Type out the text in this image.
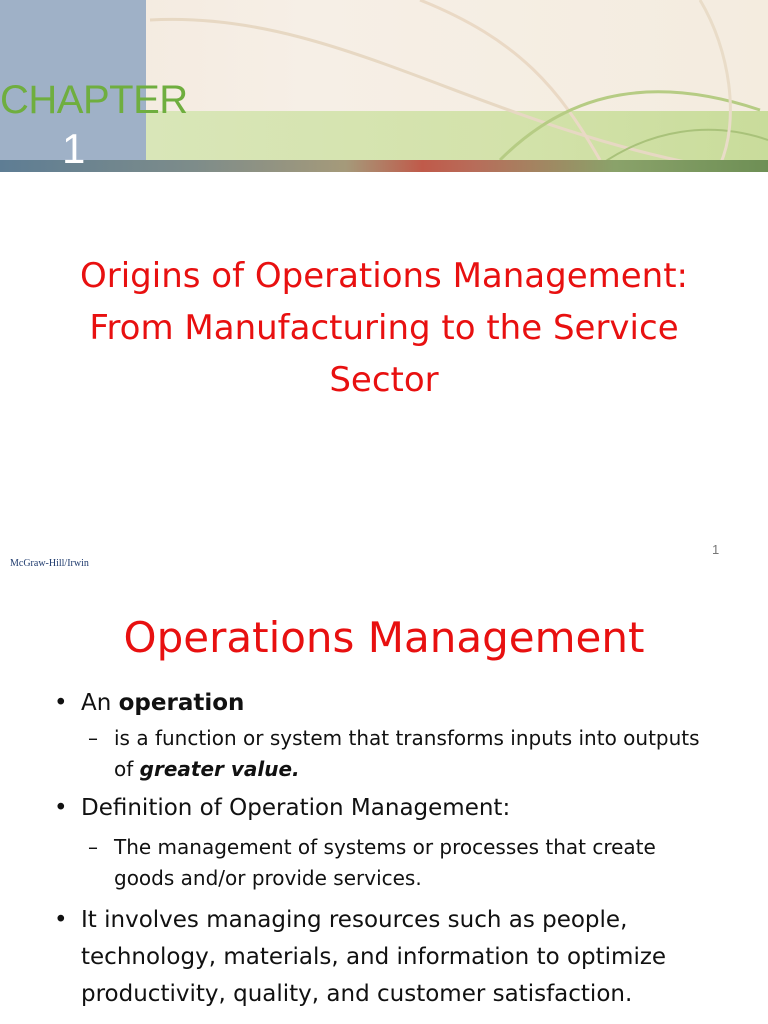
CHAPTER
1
Origins of Operations Management:
From Manufacturing to the Service
Sector
McGraw-Hill/Irwin
1
Operations Management
• An operation
– is a function or system that transforms inputs into outputs
of greater value.
• Definition of Operation Management:
– The management of systems or processes that create
goods and/or provide services.
• It involves managing resources such as people,
technology, materials, and information to optimize
productivity, quality, and customer satisfaction.
